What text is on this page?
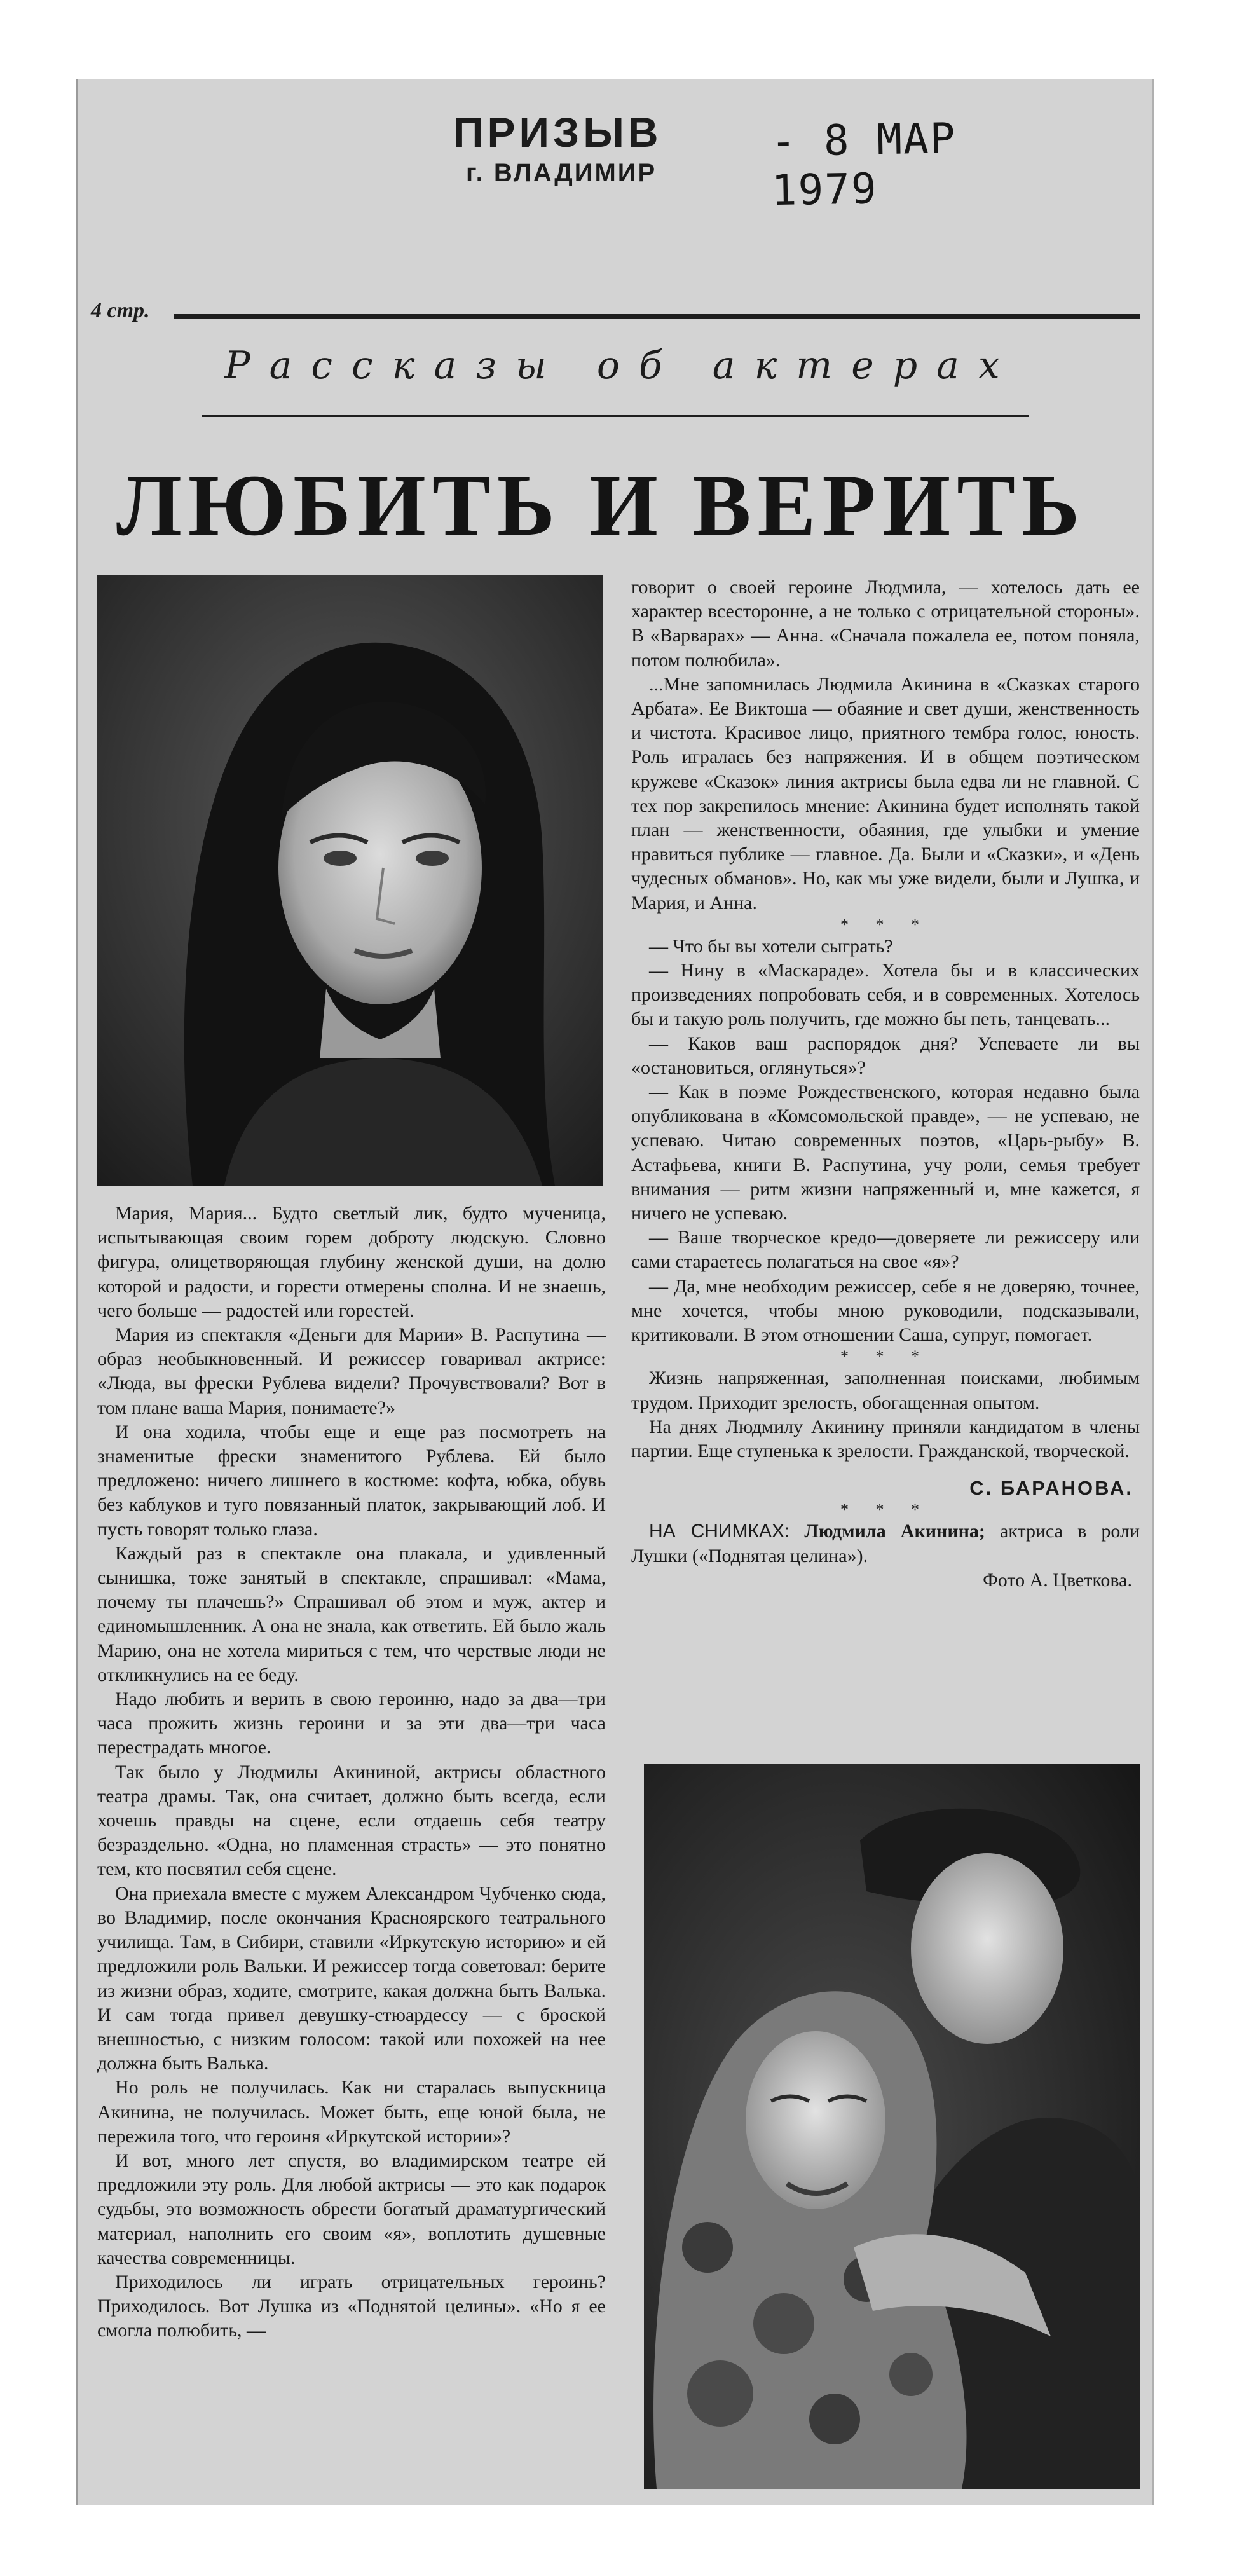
ПРИЗЫВ
г. ВЛАДИМИР
- 8 МАР 1979
4 стр.
Рассказы об актерах
ЛЮБИТЬ И ВЕРИТЬ

Мария, Мария... Будто светлый лик, будто мученица, испытывающая своим горем доброту людскую. Словно фигура, олицетворяющая глубину женской души, на долю которой и радости, и горести отмерены сполна. И не знаешь, чего больше — радостей или горестей.

Мария из спектакля «Деньги для Марии» В. Распутина — образ необыкновенный. И режиссер говаривал актрисе: «Люда, вы фрески Рублева видели? Прочувствовали? Вот в том плане ваша Мария, понимаете?»

И она ходила, чтобы еще и еще раз посмотреть на знаменитые фрески знаменитого Рублева. Ей было предложено: ничего лишнего в костюме: кофта, юбка, обувь без каблуков и туго повязанный платок, закрывающий лоб. И пусть говорят только глаза.

Каждый раз в спектакле она плакала, и удивленный сынишка, тоже занятый в спектакле, спрашивал: «Мама, почему ты плачешь?» Спрашивал об этом и муж, актер и единомышленник. А она не знала, как ответить. Ей было жаль Марию, она не хотела мириться с тем, что черствые люди не откликнулись на ее беду.

Надо любить и верить в свою героиню, надо за два—три часа прожить жизнь героини и за эти два—три часа перестрадать многое.

Так было у Людмилы Акининой, актрисы областного театра драмы. Так, она считает, должно быть всегда, если хочешь правды на сцене, если отдаешь себя театру безраздельно. «Одна, но пламенная страсть» — это понятно тем, кто посвятил себя сцене.

Она приехала вместе с мужем Александром Чубченко сюда, во Владимир, после окончания Красноярского театрального училища. Там, в Сибири, ставили «Иркутскую историю» и ей предложили роль Вальки. И режиссер тогда советовал: берите из жизни образ, ходите, смотрите, какая должна быть Валька. И сам тогда привел девушку-стюардессу — с броской внешностью, с низким голосом: такой или похожей на нее должна быть Валька.

Но роль не получилась. Как ни старалась выпускница Акинина, не получилась. Может быть, еще юной была, не пережила того, что героиня «Иркутской истории»?

И вот, много лет спустя, во владимирском театре ей предложили эту роль. Для любой актрисы — это как подарок судьбы, это возможность обрести богатый драматургический материал, наполнить его своим «я», воплотить душевные качества современницы.

Приходилось ли играть отрицательных героинь? Приходилось. Вот Лушка из «Поднятой целины». «Но я ее смогла полюбить, —

говорит о своей героине Людмила, — хотелось дать ее характер всесторонне, а не только с отрицательной стороны». В «Варварах» — Анна. «Сначала пожалела ее, потом поняла, потом полюбила».

...Мне запомнилась Людмила Акинина в «Сказках старого Арбата». Ее Виктоша — обаяние и свет души, женственность и чистота. Красивое лицо, приятного тембра голос, юность. Роль игралась без напряжения. И в общем поэтическом кружеве «Сказок» линия актрисы была едва ли не главной. С тех пор закрепилось мнение: Акинина будет исполнять такой план — женственности, обаяния, где улыбки и умение нравиться публике — главное. Да. Были и «Сказки», и «День чудесных обманов». Но, как мы уже видели, были и Лушка, и Мария, и Анна.

* * *

— Что бы вы хотели сыграть?

— Нину в «Маскараде». Хотела бы и в классических произведениях попробовать себя, и в современных. Хотелось бы и такую роль получить, где можно бы петь, танцевать...

— Каков ваш распорядок дня? Успеваете ли вы «остановиться, оглянуться»?

— Как в поэме Рождественского, которая недавно была опубликована в «Комсомольской правде», — не успеваю, не успеваю. Читаю современных поэтов, «Царь-рыбу» В. Астафьева, книги В. Распутина, учу роли, семья требует внимания — ритм жизни напряженный и, мне кажется, я ничего не успеваю.

— Ваше творческое кредо—доверяете ли режиссеру или сами стараетесь полагаться на свое «я»?

— Да, мне необходим режиссер, себе я не доверяю, точнее, мне хочется, чтобы мною руководили, подсказывали, критиковали. В этом отношении Саша, супруг, помогает.

* * *

Жизнь напряженная, заполненная поисками, любимым трудом. Приходит зрелость, обогащенная опытом.

На днях Людмилу Акинину приняли кандидатом в члены партии. Еще ступенька к зрелости. Гражданской, творческой.

С. БАРАНОВА.
* * *

НА СНИМКАХ: Людмила Акинина; актриса в роли Лушки («Поднятая целина»).

Фото А. Цветкова.
